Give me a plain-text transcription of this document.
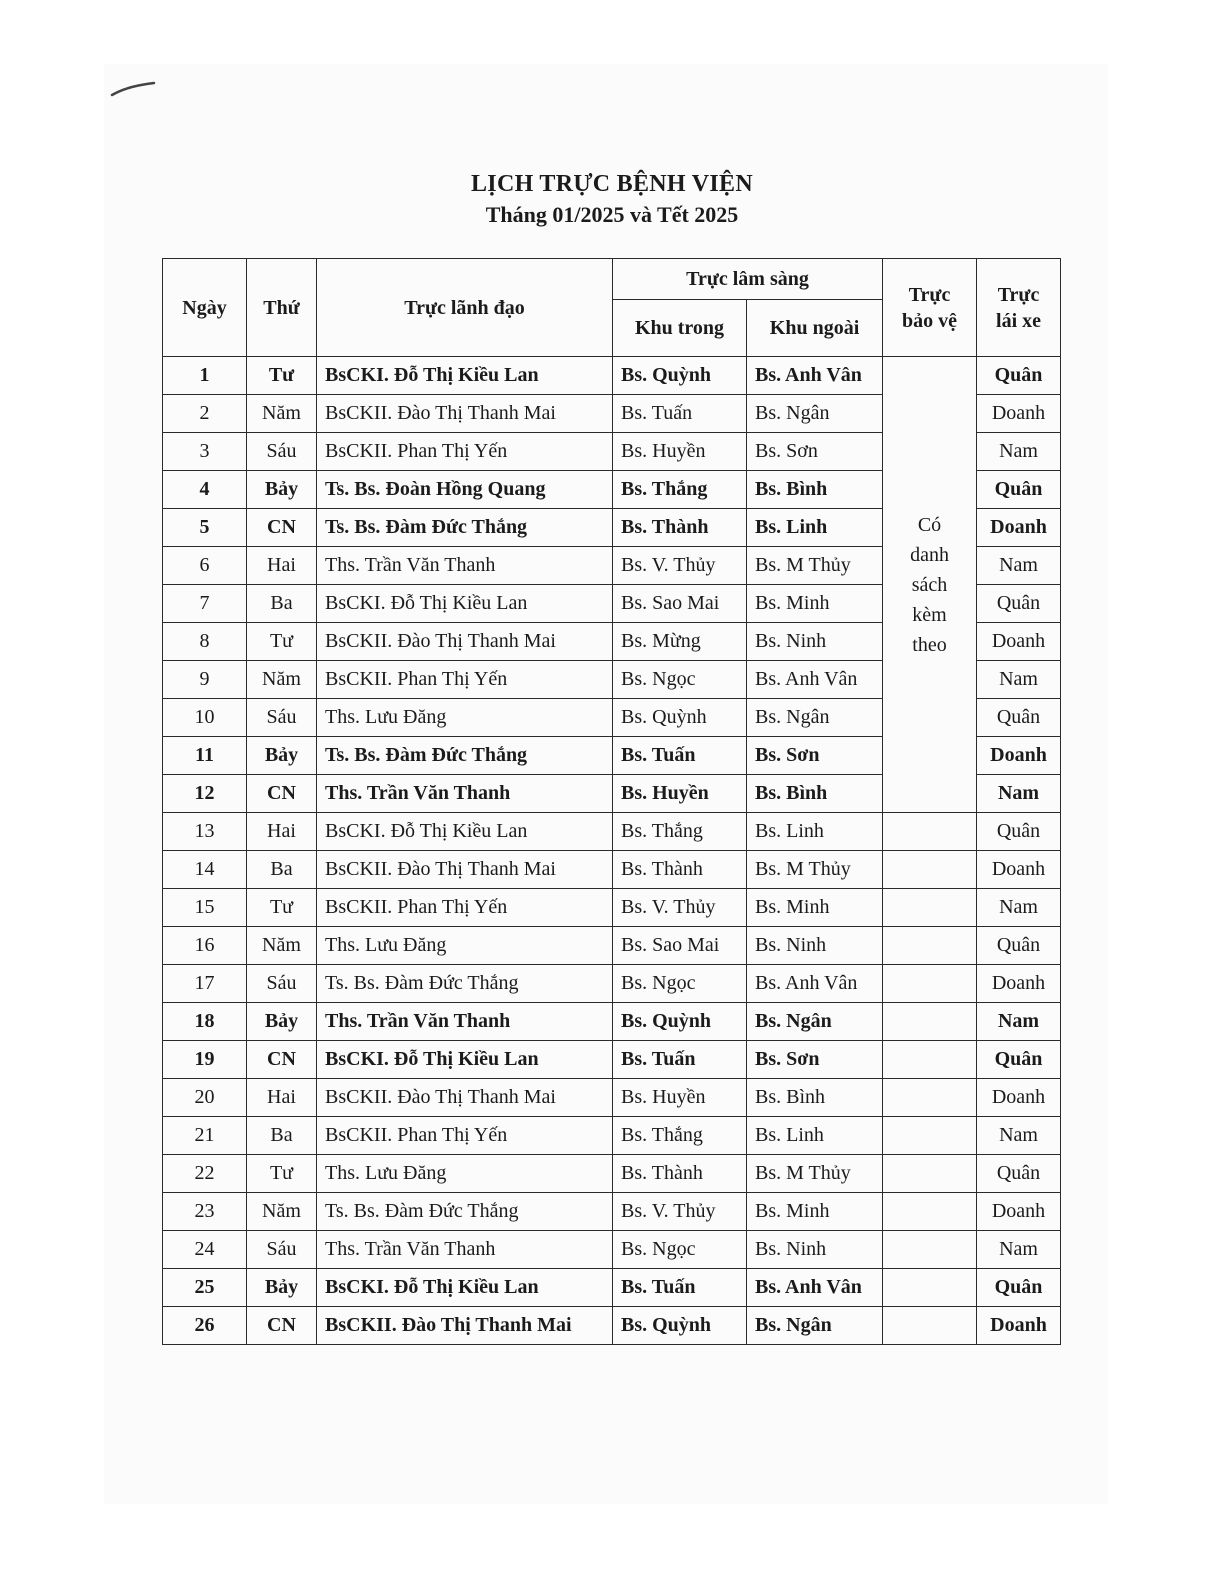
LỊCH TRỰC BỆNH VIỆN
Tháng 01/2025 và Tết 2025
Ngày	Thứ	Trực lãnh đạo	Trực lâm sàng		Trực bảo vệ	Trực lái xe
			Khu trong	Khu ngoài		
1	Tư	BsCKI. Đỗ Thị Kiều Lan	Bs. Quỳnh	Bs. Anh Vân	Có danh sách kèm theo	Quân
2	Năm	BsCKII. Đào Thị Thanh Mai	Bs. Tuấn	Bs. Ngân		Doanh
3	Sáu	BsCKII. Phan Thị Yến	Bs. Huyền	Bs. Sơn		Nam
4	Bảy	Ts. Bs. Đoàn Hồng Quang	Bs. Thắng	Bs. Bình		Quân
5	CN	Ts. Bs. Đàm Đức Thắng	Bs. Thành	Bs. Linh		Doanh
6	Hai	Ths. Trần Văn Thanh	Bs. V. Thủy	Bs. M Thủy		Nam
7	Ba	BsCKI. Đỗ Thị Kiều Lan	Bs. Sao Mai	Bs. Minh		Quân
8	Tư	BsCKII. Đào Thị Thanh Mai	Bs. Mừng	Bs. Ninh		Doanh
9	Năm	BsCKII. Phan Thị Yến	Bs. Ngọc	Bs. Anh Vân		Nam
10	Sáu	Ths. Lưu Đăng	Bs. Quỳnh	Bs. Ngân		Quân
11	Bảy	Ts. Bs. Đàm Đức Thắng	Bs. Tuấn	Bs. Sơn		Doanh
12	CN	Ths. Trần Văn Thanh	Bs. Huyền	Bs. Bình		Nam
13	Hai	BsCKI. Đỗ Thị Kiều Lan	Bs. Thắng	Bs. Linh		Quân
14	Ba	BsCKII. Đào Thị Thanh Mai	Bs. Thành	Bs. M Thủy		Doanh
15	Tư	BsCKII. Phan Thị Yến	Bs. V. Thủy	Bs. Minh		Nam
16	Năm	Ths. Lưu Đăng	Bs. Sao Mai	Bs. Ninh		Quân
17	Sáu	Ts. Bs. Đàm Đức Thắng	Bs. Ngọc	Bs. Anh Vân		Doanh
18	Bảy	Ths. Trần Văn Thanh	Bs. Quỳnh	Bs. Ngân		Nam
19	CN	BsCKI. Đỗ Thị Kiều Lan	Bs. Tuấn	Bs. Sơn		Quân
20	Hai	BsCKII. Đào Thị Thanh Mai	Bs. Huyền	Bs. Bình		Doanh
21	Ba	BsCKII. Phan Thị Yến	Bs. Thắng	Bs. Linh		Nam
22	Tư	Ths. Lưu Đăng	Bs. Thành	Bs. M Thủy		Quân
23	Năm	Ts. Bs. Đàm Đức Thắng	Bs. V. Thủy	Bs. Minh		Doanh
24	Sáu	Ths. Trần Văn Thanh	Bs. Ngọc	Bs. Ninh		Nam
25	Bảy	BsCKI. Đỗ Thị Kiều Lan	Bs. Tuấn	Bs. Anh Vân		Quân
26	CN	BsCKII. Đào Thị Thanh Mai	Bs. Quỳnh	Bs. Ngân		Doanh
